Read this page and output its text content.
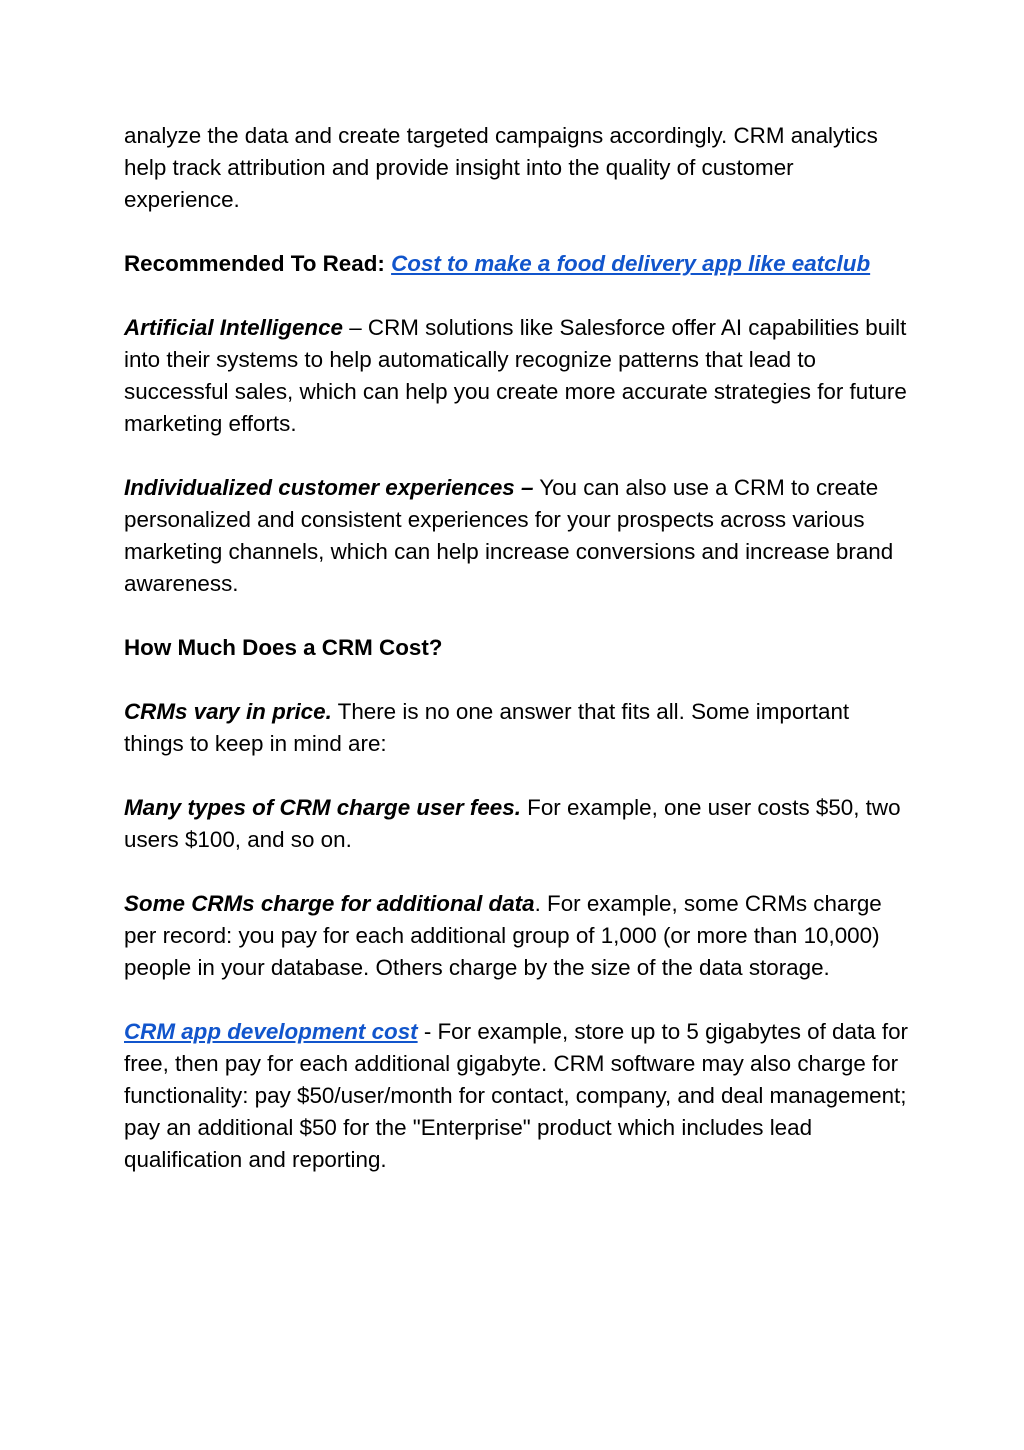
analyze the data and create targeted campaigns accordingly. CRM analytics help track attribution and provide insight into the quality of customer experience.

Recommended To Read: Cost to make a food delivery app like eatclub

Artificial Intelligence – CRM solutions like Salesforce offer AI capabilities built into their systems to help automatically recognize patterns that lead to successful sales, which can help you create more accurate strategies for future marketing efforts.

Individualized customer experiences – You can also use a CRM to create personalized and consistent experiences for your prospects across various marketing channels, which can help increase conversions and increase brand awareness.

How Much Does a CRM Cost?

CRMs vary in price. There is no one answer that fits all. Some important things to keep in mind are:

Many types of CRM charge user fees. For example, one user costs $50, two users $100, and so on.

Some CRMs charge for additional data. For example, some CRMs charge per record: you pay for each additional group of 1,000 (or more than 10,000) people in your database. Others charge by the size of the data storage.

CRM app development cost - For example, store up to 5 gigabytes of data for free, then pay for each additional gigabyte. CRM software may also charge for functionality: pay $50/user/month for contact, company, and deal management; pay an additional $50 for the "Enterprise" product which includes lead qualification and reporting.
